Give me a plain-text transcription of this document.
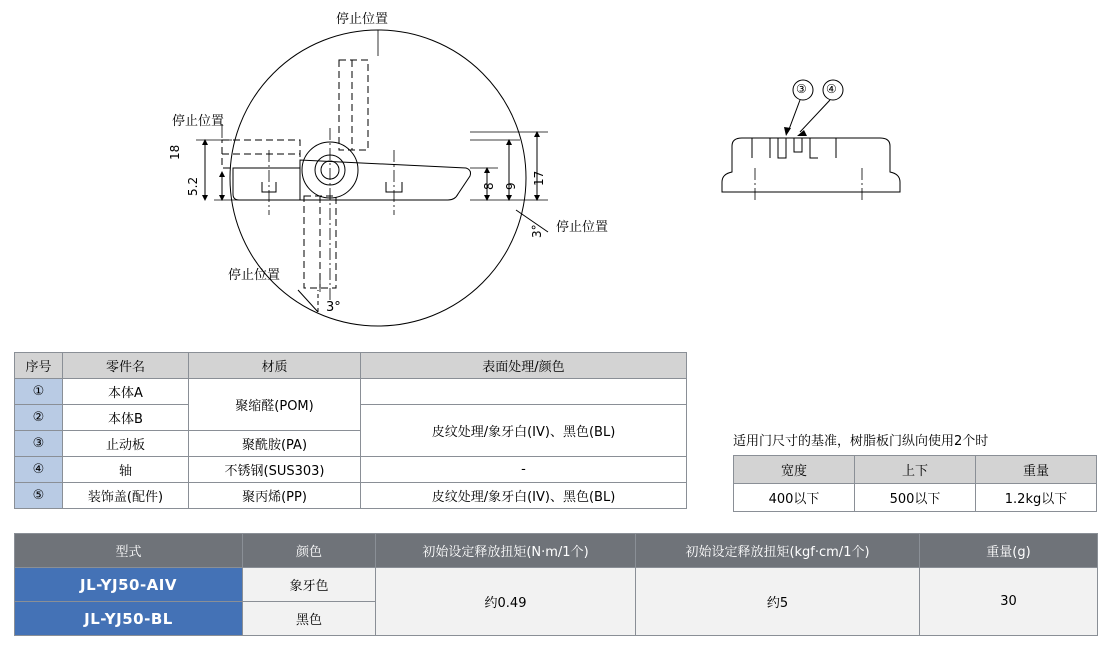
停止位置
停止位置
停止位置
停止位置
18
5.2	8 9
17
3°
3°
③ ④
序号	零件名	材质	表面处理/颜色
①	本体A	聚缩醛(POM)	
②	本体B		皮纹处理/象牙白(IV)、黑色(BL)
③	止动板	聚酰胺(PA)	
④	轴	不锈钢(SUS303)	-
⑤	装饰盖(配件)	聚丙烯(PP)	皮纹处理/象牙白(IV)、黑色(BL)
适用门尺寸的基准，树脂板门纵向使用2个时
宽度	上下	重量
400以下	500以下	1.2kg以下
型式	颜色	初始设定释放扭矩(N·m/1个)	初始设定释放扭矩(kgf·cm/1个)	重量(g)
JL-YJ50-AIV	象牙色	约0.49	约5	30
JL-YJ50-BL	黑色			
